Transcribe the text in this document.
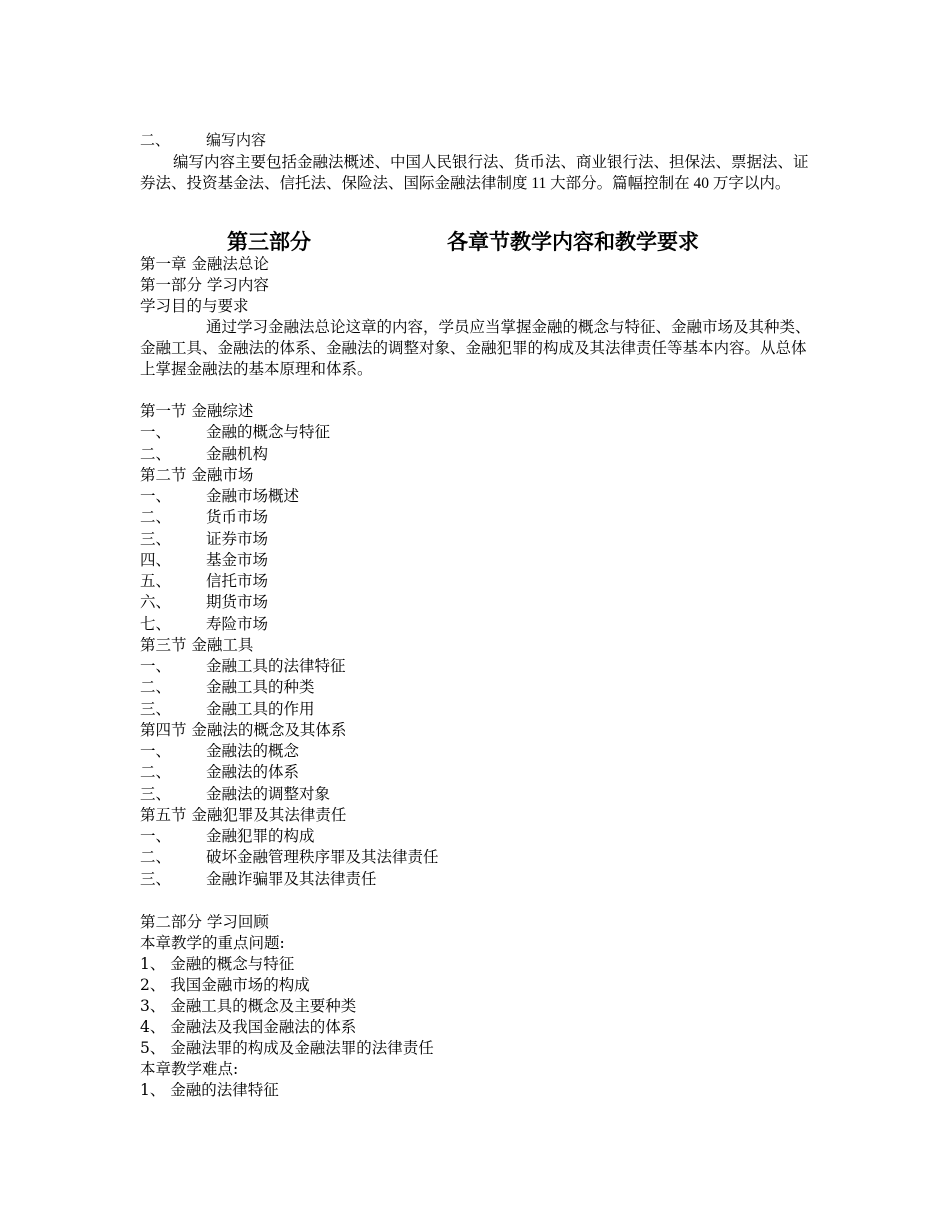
二、 编写内容

编写内容主要包括金融法概述、中国人民银行法、货币法、商业银行法、担保法、票据法、证券法、投资基金法、信托法、保险法、国际金融法律制度 11 大部分。篇幅控制在 40 万字以内。

第三部分	各章节教学内容和教学要求
第一章 金融法总论
第一部分 学习内容
学习目的与要求

通过学习金融法总论这章的内容，学员应当掌握金融的概念与特征、金融市场及其种类、金融工具、金融法的体系、金融法的调整对象、金融犯罪的构成及其法律责任等基本内容。从总体上掌握金融法的基本原理和体系。

第一节 金融综述
一、 金融的概念与特征
二、 金融机构
第二节 金融市场
一、 金融市场概述
二、 货币市场
三、 证券市场
四、 基金市场
五、 信托市场
六、 期货市场
七、 寿险市场
第三节 金融工具
一、 金融工具的法律特征
二、 金融工具的种类
三、 金融工具的作用
第四节 金融法的概念及其体系
一、 金融法的概念
二、 金融法的体系
三、 金融法的调整对象
第五节 金融犯罪及其法律责任
一、 金融犯罪的构成
二、 破坏金融管理秩序罪及其法律责任
三、 金融诈骗罪及其法律责任
第二部分 学习回顾
本章教学的重点问题:
1、 金融的概念与特征
2、 我国金融市场的构成
3、 金融工具的概念及主要种类
4、 金融法及我国金融法的体系
5、 金融法罪的构成及金融法罪的法律责任
本章教学难点:
1、 金融的法律特征
